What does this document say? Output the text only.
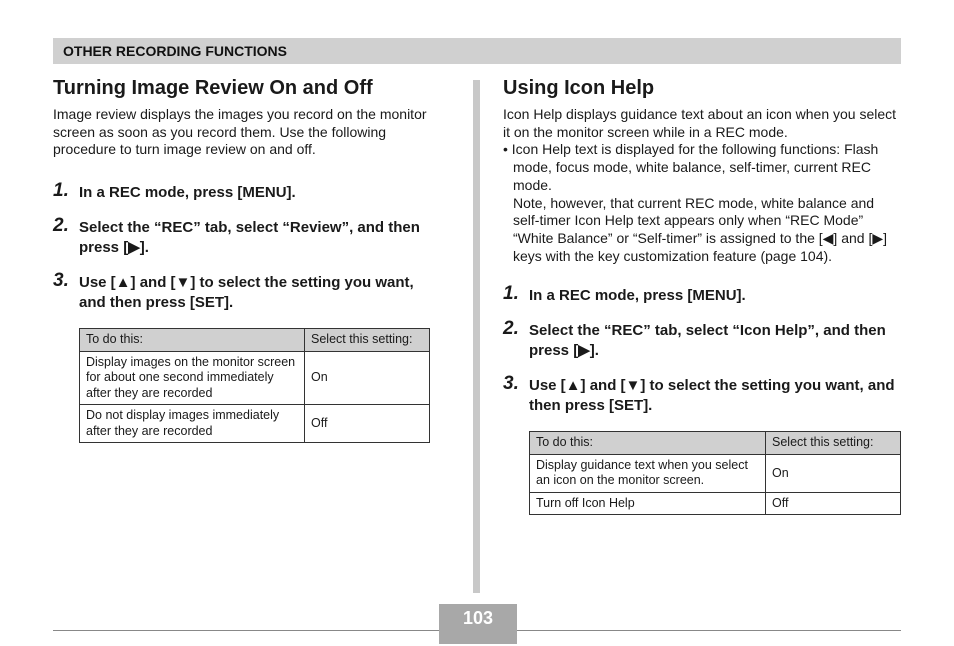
OTHER RECORDING FUNCTIONS
Turning Image Review On and Off

Image review displays the images you record on the monitor screen as soon as you record them. Use the following procedure to turn image review on and off.

1. In a REC mode, press [MENU].
2. Select the “REC” tab, select “Review”, and then press [▶].
3. Use [▲] and [▼] to select the setting you want, and then press [SET].
To do this:	Select this setting:
Display images on the monitor screen for about one second immediately after they are recorded	On
Do not display images immediately after they are recorded	Off
Using Icon Help

Icon Help displays guidance text about an icon when you select it on the monitor screen while in a REC mode.

• Icon Help text is displayed for the following functions: Flash mode, focus mode, white balance, self-timer, current REC mode.

Note, however, that current REC mode, white balance and self-timer Icon Help text appears only when “REC Mode” “White Balance” or “Self-timer” is assigned to the [◀] and [▶] keys with the key customization feature (page 104).

1. In a REC mode, press [MENU].
2. Select the “REC” tab, select “Icon Help”, and then press [▶].
3. Use [▲] and [▼] to select the setting you want, and then press [SET].
To do this:	Select this setting:
Display guidance text when you select an icon on the monitor screen.	On
Turn off Icon Help	Off
103
